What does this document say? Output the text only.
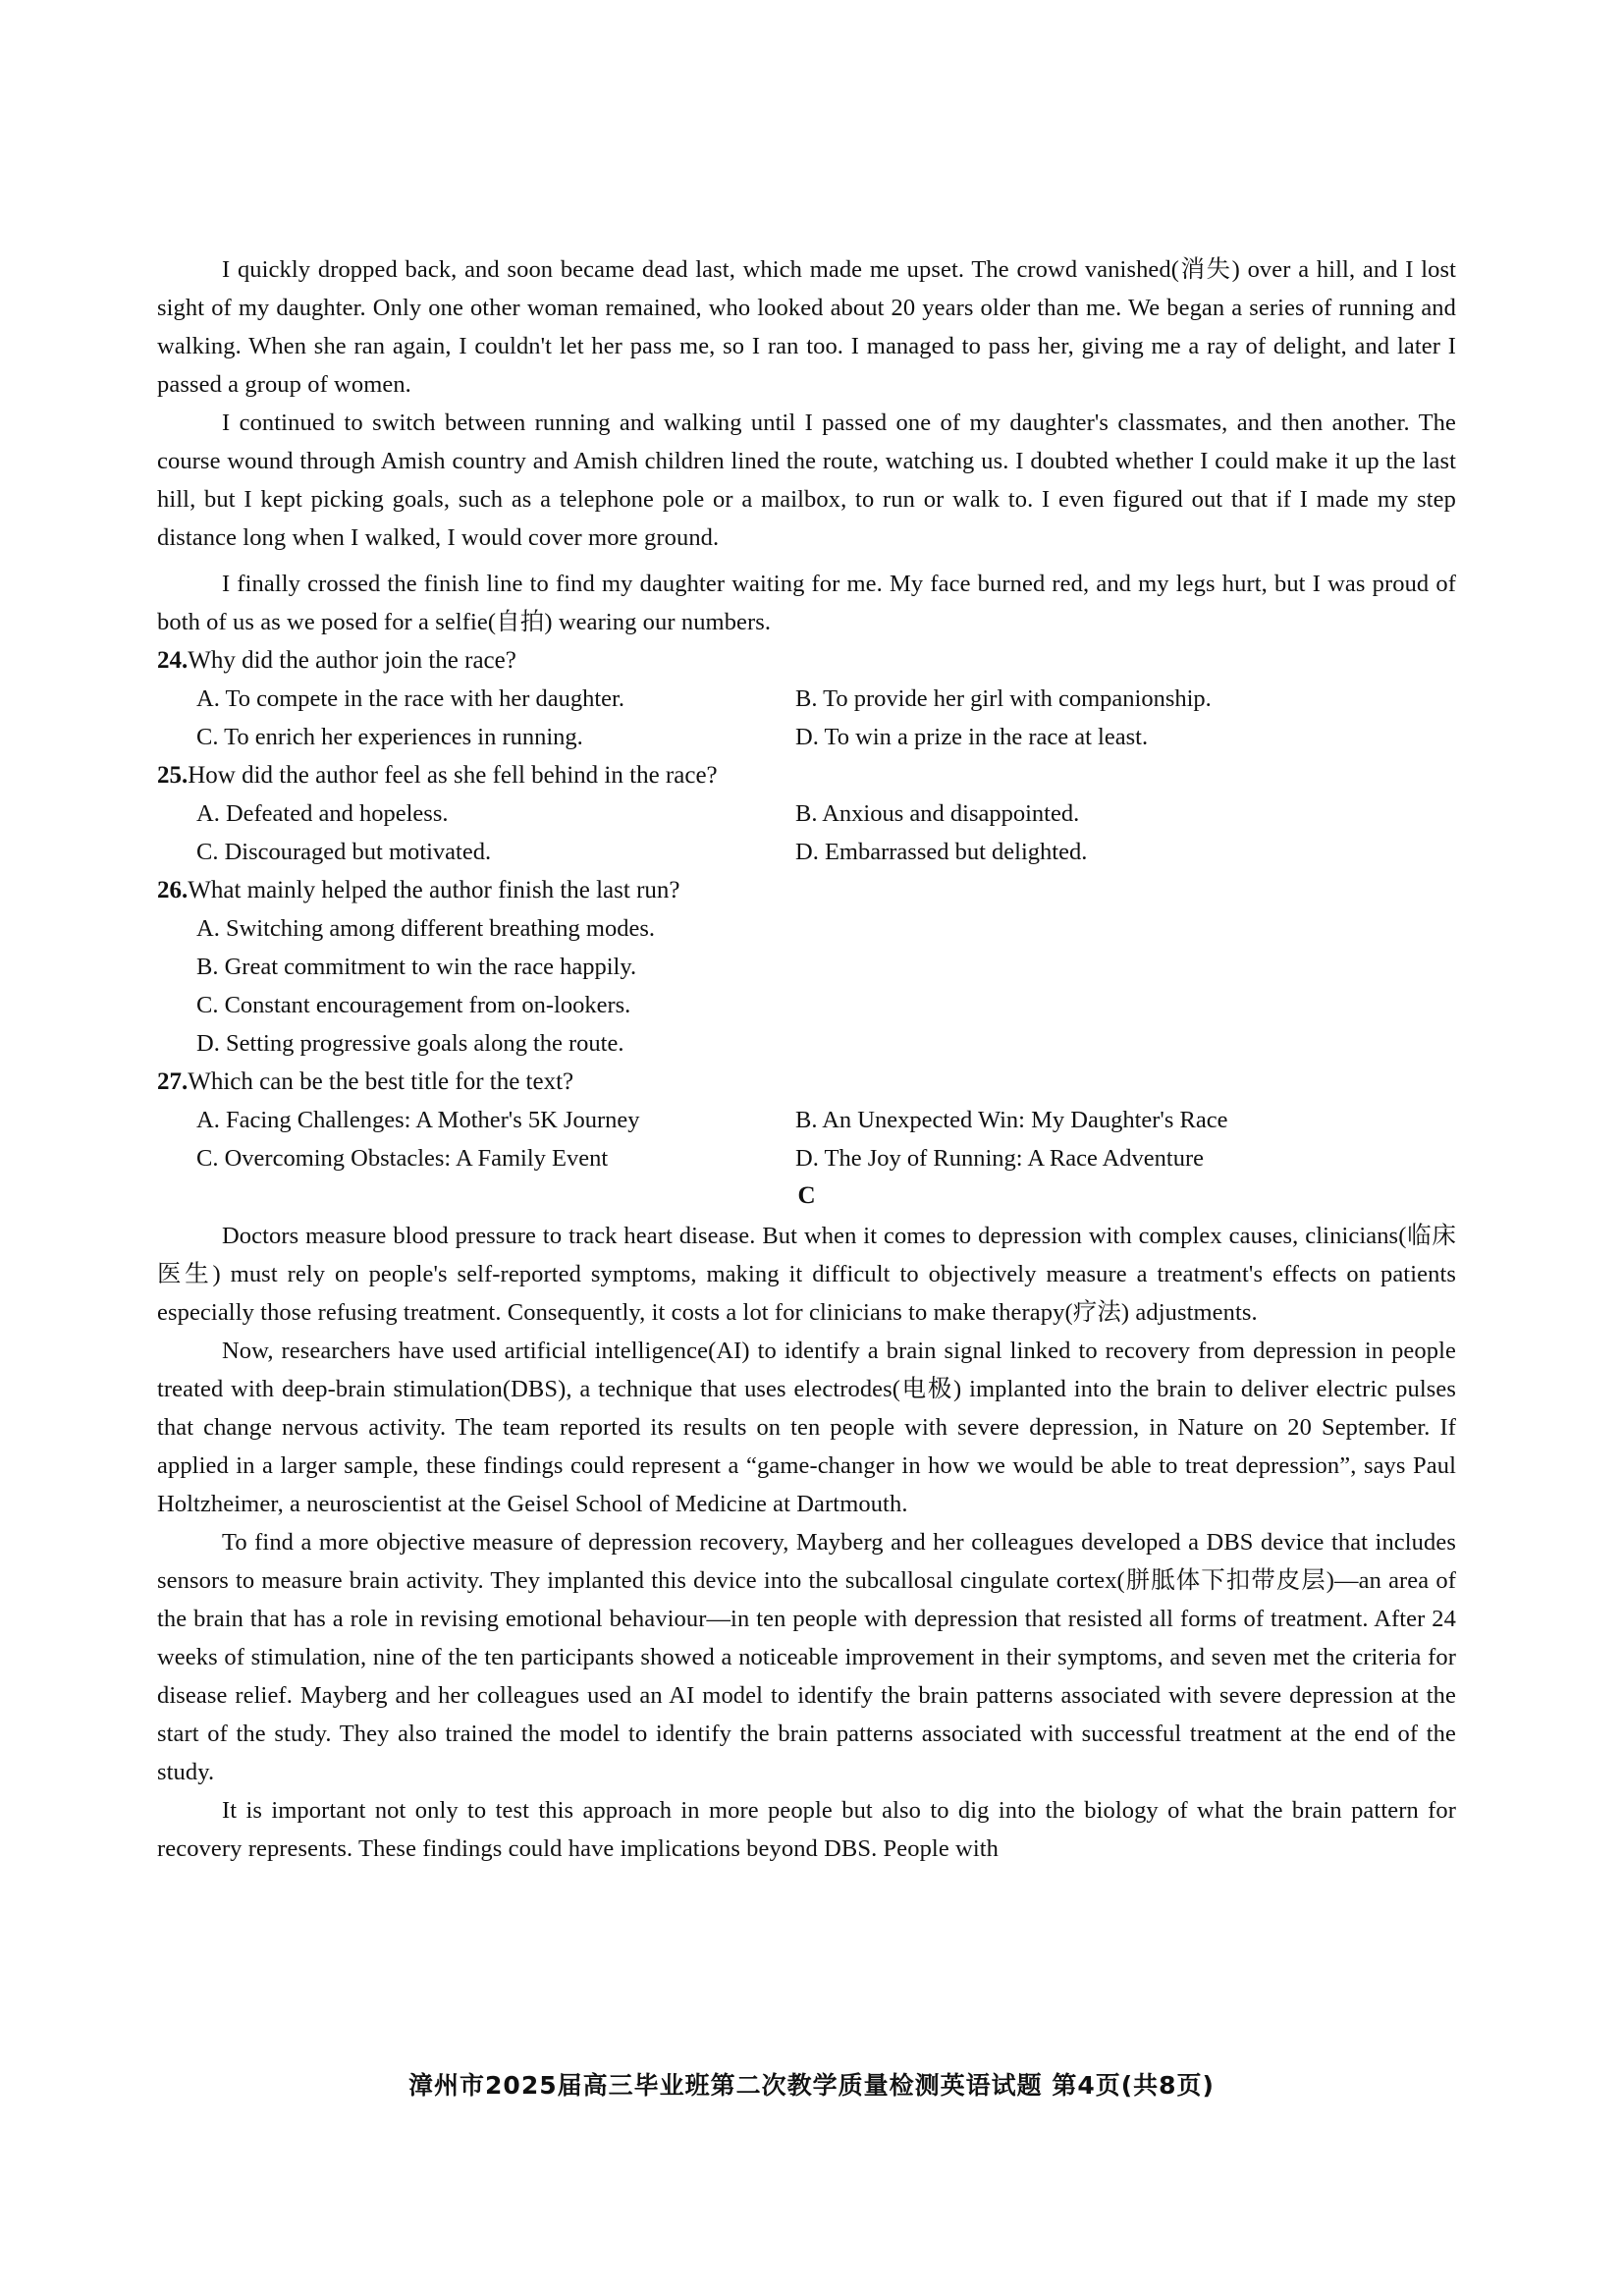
I quickly dropped back, and soon became dead last, which made me upset. The crowd vanished(消失) over a hill, and I lost sight of my daughter. Only one other woman remained, who looked about 20 years older than me. We began a series of running and walking. When she ran again, I couldn't let her pass me, so I ran too. I managed to pass her, giving me a ray of delight, and later I passed a group of women.

I continued to switch between running and walking until I passed one of my daughter's classmates, and then another. The course wound through Amish country and Amish children lined the route, watching us. I doubted whether I could make it up the last hill, but I kept picking goals, such as a telephone pole or a mailbox, to run or walk to. I even figured out that if I made my step distance long when I walked, I would cover more ground.

I finally crossed the finish line to find my daughter waiting for me. My face burned red, and my legs hurt, but I was proud of both of us as we posed for a selfie(自拍) wearing our numbers.

24.Why did the author join the race?
A. To compete in the race with her daughter.	B. To provide her girl with companionship.
C. To enrich her experiences in running.	D. To win a prize in the race at least.
25.How did the author feel as she fell behind in the race?
A. Defeated and hopeless.	B. Anxious and disappointed.
C. Discouraged but motivated.	D. Embarrassed but delighted.
26.What mainly helped the author finish the last run?
A. Switching among different breathing modes.
B. Great commitment to win the race happily.
C. Constant encouragement from on-lookers.
D. Setting progressive goals along the route.
27.Which can be the best title for the text?
A. Facing Challenges: A Mother's 5K Journey	B. An Unexpected Win: My Daughter's Race
C. Overcoming Obstacles: A Family Event	D. The Joy of Running: A Race Adventure
C

Doctors measure blood pressure to track heart disease. But when it comes to depression with complex causes, clinicians(临床医生) must rely on people's self-reported symptoms, making it difficult to objectively measure a treatment's effects on patients especially those refusing treatment. Consequently, it costs a lot for clinicians to make therapy(疗法) adjustments.

Now, researchers have used artificial intelligence(AI) to identify a brain signal linked to recovery from depression in people treated with deep-brain stimulation(DBS), a technique that uses electrodes(电极) implanted into the brain to deliver electric pulses that change nervous activity. The team reported its results on ten people with severe depression, in Nature on 20 September. If applied in a larger sample, these findings could represent a “game-changer in how we would be able to treat depression”, says Paul Holtzheimer, a neuroscientist at the Geisel School of Medicine at Dartmouth.

To find a more objective measure of depression recovery, Mayberg and her colleagues developed a DBS device that includes sensors to measure brain activity. They implanted this device into the subcallosal cingulate cortex(胼胝体下扣带皮层)—an area of the brain that has a role in revising emotional behaviour—in ten people with depression that resisted all forms of treatment. After 24 weeks of stimulation, nine of the ten participants showed a noticeable improvement in their symptoms, and seven met the criteria for disease relief. Mayberg and her colleagues used an AI model to identify the brain patterns associated with severe depression at the start of the study. They also trained the model to identify the brain patterns associated with successful treatment at the end of the study.

It is important not only to test this approach in more people but also to dig into the biology of what the brain pattern for recovery represents. These findings could have implications beyond DBS. People with

漳州市2025届高三毕业班第二次教学质量检测英语试题 第4页(共8页)
